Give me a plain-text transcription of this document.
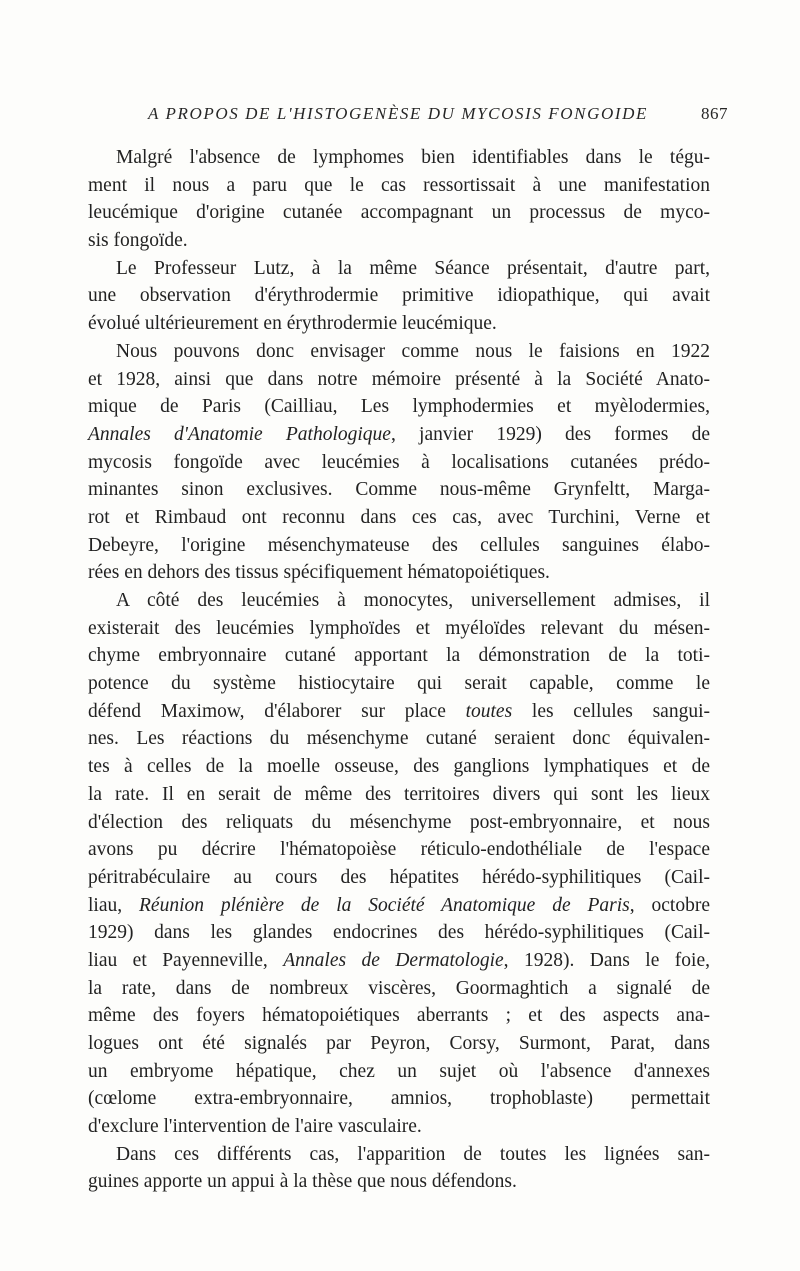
A PROPOS DE L'HISTOGENÈSE DU MYCOSIS FONGOIDE	867
Malgré l'absence de lymphomes bien identifiables dans le tégu-
ment il nous a paru que le cas ressortissait à une manifestation
leucémique d'origine cutanée accompagnant un processus de myco-
sis fongoïde.
Le Professeur Lutz, à la même Séance présentait, d'autre part,
une observation d'érythrodermie primitive idiopathique, qui avait
évolué ultérieurement en érythrodermie leucémique.
Nous pouvons donc envisager comme nous le faisions en 1922
et 1928, ainsi que dans notre mémoire présenté à la Société Anato-
mique de Paris (Cailliau, Les lymphodermies et myèlodermies,
Annales d'Anatomie Pathologique, janvier 1929) des formes de
mycosis fongoïde avec leucémies à localisations cutanées prédo-
minantes sinon exclusives. Comme nous-même Grynfeltt, Marga-
rot et Rimbaud ont reconnu dans ces cas, avec Turchini, Verne et
Debeyre, l'origine mésenchymateuse des cellules sanguines élabo-
rées en dehors des tissus spécifiquement hématopoiétiques.
A côté des leucémies à monocytes, universellement admises, il
existerait des leucémies lymphoïdes et myéloïdes relevant du mésen-
chyme embryonnaire cutané apportant la démonstration de la toti-
potence du système histiocytaire qui serait capable, comme le
défend Maximow, d'élaborer sur place toutes les cellules sangui-
nes. Les réactions du mésenchyme cutané seraient donc équivalen-
tes à celles de la moelle osseuse, des ganglions lymphatiques et de
la rate. Il en serait de même des territoires divers qui sont les lieux
d'élection des reliquats du mésenchyme post-embryonnaire, et nous
avons pu décrire l'hématopoièse réticulo-endothéliale de l'espace
péritrabéculaire au cours des hépatites hérédo-syphilitiques (Cail-
liau, Réunion plénière de la Société Anatomique de Paris, octobre
1929) dans les glandes endocrines des hérédo-syphilitiques (Cail-
liau et Payenneville, Annales de Dermatologie, 1928). Dans le foie,
la rate, dans de nombreux viscères, Goormaghtich a signalé de
même des foyers hématopoiétiques aberrants ; et des aspects ana-
logues ont été signalés par Peyron, Corsy, Surmont, Parat, dans
un embryome hépatique, chez un sujet où l'absence d'annexes
(cœlome extra-embryonnaire, amnios, trophoblaste) permettait
d'exclure l'intervention de l'aire vasculaire.
Dans ces différents cas, l'apparition de toutes les lignées san-
guines apporte un appui à la thèse que nous défendons.
